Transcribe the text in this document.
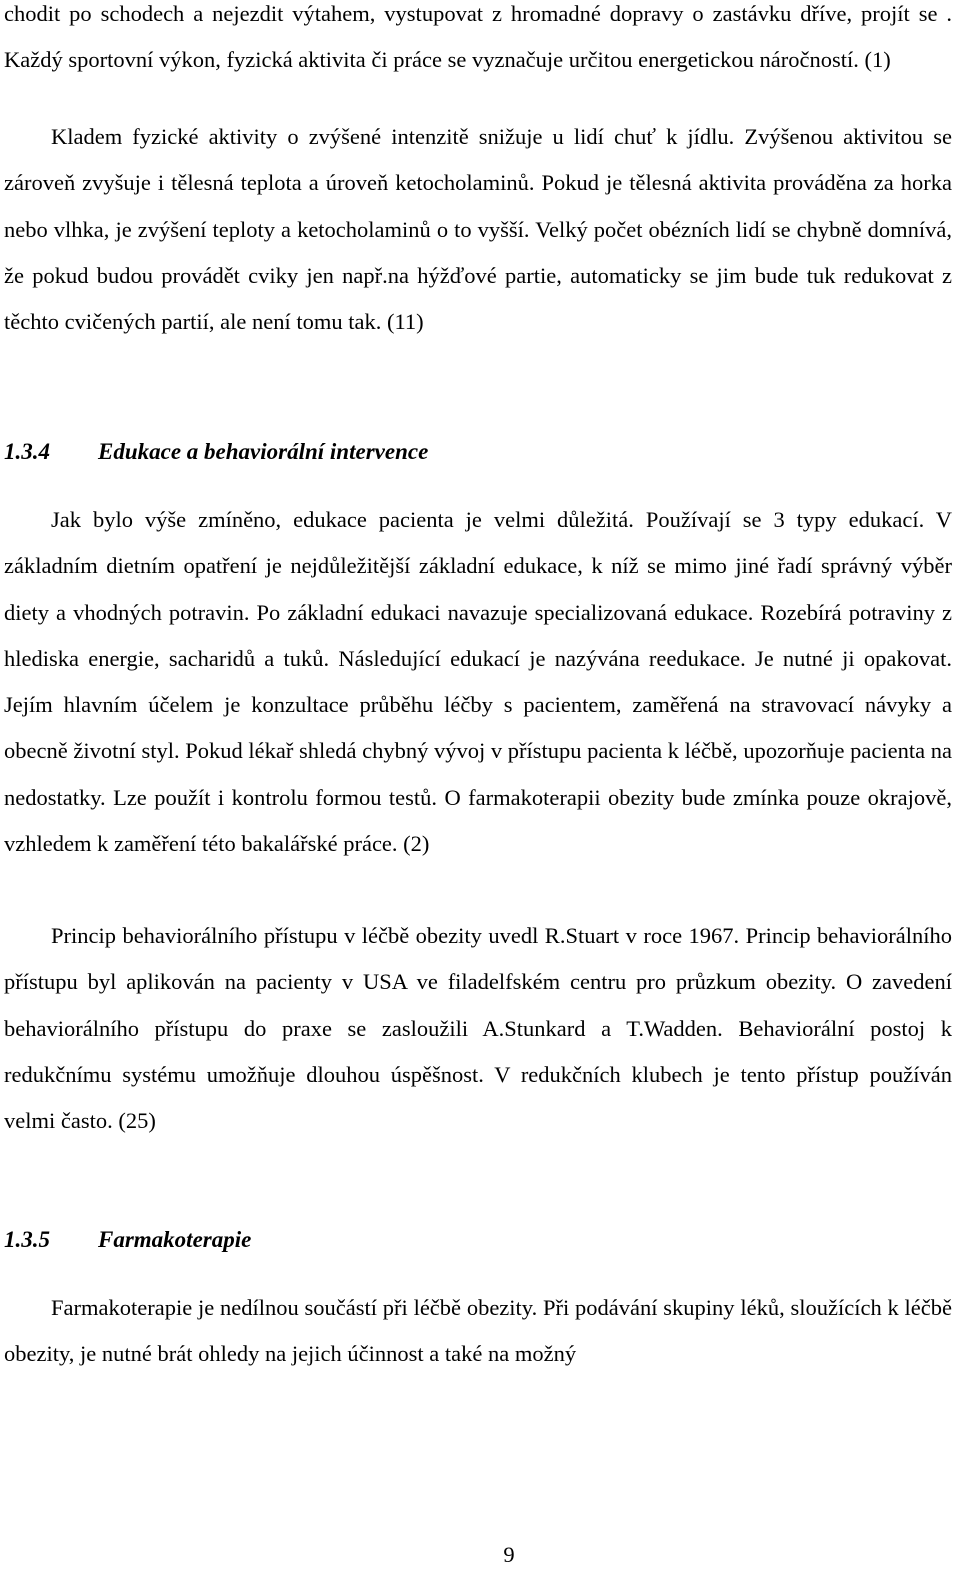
chodit po schodech a nejezdit výtahem, vystupovat z hromadné dopravy o zastávku dříve, projít se . Každý sportovní výkon, fyzická aktivita či práce se vyznačuje určitou energetickou náročností. (1)

Kladem fyzické aktivity o zvýšené intenzitě snižuje u lidí chuť k jídlu. Zvýšenou aktivitou se zároveň zvyšuje i tělesná teplota a úroveň ketocholaminů. Pokud je tělesná aktivita prováděna za horka nebo vlhka, je zvýšení teploty a ketocholaminů o to vyšší. Velký počet obézních lidí se chybně domnívá, že pokud budou provádět cviky jen např.na hýžďové partie, automaticky se jim bude tuk redukovat z těchto cvičených partií, ale není tomu tak. (11)

1.3.4 Edukace a behaviorální intervence

Jak bylo výše zmíněno, edukace pacienta je velmi důležitá. Používají se 3 typy edukací. V základním dietním opatření je nejdůležitější základní edukace, k níž se mimo jiné řadí správný výběr diety a vhodných potravin. Po základní edukaci navazuje specializovaná edukace. Rozebírá potraviny z hlediska energie, sacharidů a tuků. Následující edukací je nazývána reedukace. Je nutné ji opakovat. Jejím hlavním účelem je konzultace průběhu léčby s pacientem, zaměřená na stravovací návyky a obecně životní styl. Pokud lékař shledá chybný vývoj v přístupu pacienta k léčbě, upozorňuje pacienta na nedostatky. Lze použít i kontrolu formou testů. O farmakoterapii obezity bude zmínka pouze okrajově, vzhledem k zaměření této bakalářské práce. (2)

Princip behaviorálního přístupu v léčbě obezity uvedl R.Stuart v roce 1967. Princip behaviorálního přístupu byl aplikován na pacienty v USA ve filadelfském centru pro průzkum obezity. O zavedení behaviorálního přístupu do praxe se zasloužili A.Stunkard a T.Wadden. Behaviorální postoj k redukčnímu systému umožňuje dlouhou úspěšnost. V redukčních klubech je tento přístup používán velmi často. (25)

1.3.5 Farmakoterapie

Farmakoterapie je nedílnou součástí při léčbě obezity. Při podávání skupiny léků, sloužících k léčbě obezity, je nutné brát ohledy na jejich účinnost a také na možný

9
